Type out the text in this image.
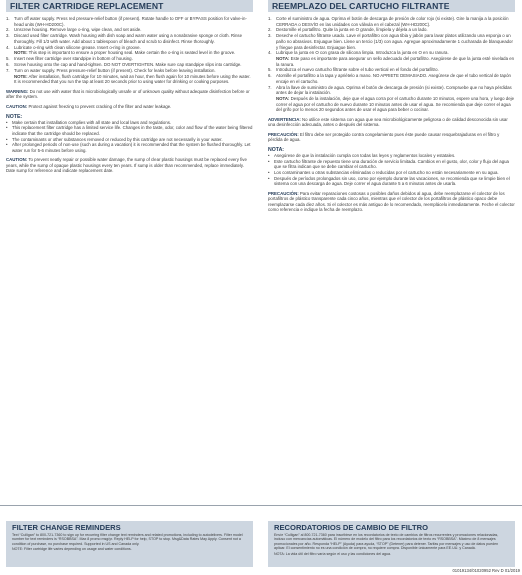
FILTER CARTRIDGE REPLACEMENT
1. Turn off water supply. Press red pressure-relief button (if present). Rotate handle to OFF or BYPASS position for valve-in-head units (WH-HD200C).
2. Unscrew housing. Remove large o-ring, wipe clean, and set aside.
3. Discard used filter cartridge. Wash housing with dish soap and warm water using a nonabrasive sponge or cloth. Rinse thoroughly. Fill 1/3 with water. Add about 1 tablespoon of bleach and scrub to disinfect. Rinse thoroughly.
4. Lubricate o-ring with clean silicone grease. Insert o-ring in groove.
NOTE: This step is important to ensure a proper housing seal. Make certain the o-ring is seated level in the groove.
5. Insert new filter cartridge over standpipe in bottom of housing.
6. Screw housing onto the cap and hand-tighten. DO NOT OVERTIGHTEN. Make sure cap standpipe slips into cartridge.
7. Turn on water supply. Press pressure-relief button (if present). Check for leaks before leaving installation.
NOTE: After installation, flush cartridge for 10 minutes, wait an hour, then flush again for 10 minutes before using the water. It is recommended that you run the tap at least 20 seconds prior to using water for drinking or cooking purposes.

WARNING: Do not use with water that is microbiologically unsafe or of unknown quality without adequate disinfection before or after the system.

CAUTION: Protect against freezing to prevent cracking of the filter and water leakage.

NOTE:
• Make certain that installation complies with all state and local laws and regulations.
• This replacement filter cartridge has a limited service life. Changes in the taste, odor, color and flow of the water being filtered indicate that the cartridge should be replaced.
• The contaminants or other substances removed or reduced by this cartridge are not necessarily in your water.
• After prolonged periods of non-use (such as during a vacation) it is recommended that the system be flushed thoroughly. Let water run for 5-6 minutes before using.

CAUTION: To prevent neatly repair or possible water damage, the sump of clear plastic housings must be replaced every five years, while the sump of opaque plastic housings every ten years. If sump is older than recommended, replace immediately. Date sump for reference and indicate replacement date.

REEMPLAZO DEL CARTUCHO FILTRANTE
1. Corte el suministro de agua. Oprima el botón de descarga de presión de color rojo (si existe). Gire la manija a la posición CERRADA o DESVÍO en las unidades con válvula en el cabezal (WH-HD200C).
2. Destornille el portafiltro. Quite la junta en O grande, límpiela y déjela a un lado.
3. Deseche el cartucho filtrante usado. Lave el portafiltro con agua tibia y jabón para lavar platos utilizando una esponja o un paño no abrasivos. Enjuague bien. Llene un tercio (1/3) con agua. Agregue aproximadamente 1 cucharada de blanqueador y friegue para desinfectar. Enjuague bien.
4. Lubrique la junta en O con grasa de silicona limpia. Introduzca la junta en O en su ranura.
NOTA: Este paso es importante para asegurar un sello adecuado del portafiltro. Asegúrese de que la junta esté nivelada en la ranura.
5. Introduzca el nuevo cartucho filtrante sobre el tubo vertical en el fondo del portafiltro.
6. Atornille el portafiltro a la tapa y apriételo a mano. NO APRIETE DEMASIADO. Asegúrese de que el tubo vertical de tapón encaje en el cartucho.
7. Abra la llave de suministro de agua. Oprima el botón de descarga de presión (si existe). Compruebe que no haya pérdidas antes de dejar la instalación.
NOTA: Después de la instalación, deje que el agua corra por el cartucho durante 10 minutos, espere una hora, y luego deje correr el agua por el cartucho de nuevo durante 10 minutos antes de usar el agua. Se recomienda que deje correr el agua del grifo por lo menos 20 segundos antes de usar el agua para beber o cocinar.

ADVERTENCIA: No utilice este sistema con agua que sea microbiológicamente peligrosa o de calidad desconocida sin usar una desinfección adecuada, antes o después del sistema.

PRECAUCIÓN: El filtro debe ser protegido contra congelamiento pues éste puede causar resquebrajaduras en el filtro y pérdida de agua.

NOTA:
• Asegúrese de que la instalación cumpla con todas las leyes y reglamentos locales y estatales.
• Este cartucho filtrante de repuesto tiene una duración de servicio limitada. Cambios en el gusto, olor, color y flujo del agua que se filtra indican que se debe cambiar el cartucho.
• Los contaminantes u otras substancias eliminadas o reducidas por el cartucho no están necesariamente en su agua.
• Después de períodos prolongados sin uso, como por ejemplo durante las vacaciones, se recomienda que se limpie bien el sistema con una descarga de agua. Deje correr el agua durante 5 a 6 minutos antes de usarla.

PRECAUCIÓN: Para evitar reparaciones costosas o posibles daños debidos al agua, debe reemplazarse el colector de los portafiltros de plástico transparente cada cinco años, mientras que el colector de los portafiltros de plástico opaco debe reemplazarse cada diez años. Si el colector es más antiguo de lo recomendado, reemplácelo inmediatamente. Feche el colector como referencia e indique la fecha de reemplazo.

FILTER CHANGE REMINDERS

Text “Culligan” to 800-721-7360 to sign up for recurring filter change text reminders and related promotions, including to autodelivers. Filter model number for text reminders is “RSOBBSA”. Max 8 promo msg/yr. Reply HELP for help, STOP to stop. Msg&Data Rates May Apply. Consent not a condition of purchase, no purchase required. Supported in US and Canada only.

NOTE: Filter cartridge life varies depending on usage and water conditions.

RECORDATORIOS DE CAMBIO DE FILTRO

Envíe “Culligan” al 800-721-7360 para inscribirse en los recordatorios de texto de cambios de filtros recurrentes y promociones relacionadas, incluso con mercancías automáticas. El número de modelo del filtro para los recordatorios de texto es “RSOBBSA”. Máximo de 8 mensajes promocionales por año. Responda “HELP” (Ayuda) para ayuda, “STOP” (Detener) para detener. Tarifas por mensajes y uso de datos pueden aplicar. El consentimiento no es una condición de compra, no requiere compra. Disponible únicamente para EE.UU. y Canadá.

NOTA: La vida útil del filtro varía según el uso y las condiciones del agua.

01019134/01020952 Rev D 01/2019
